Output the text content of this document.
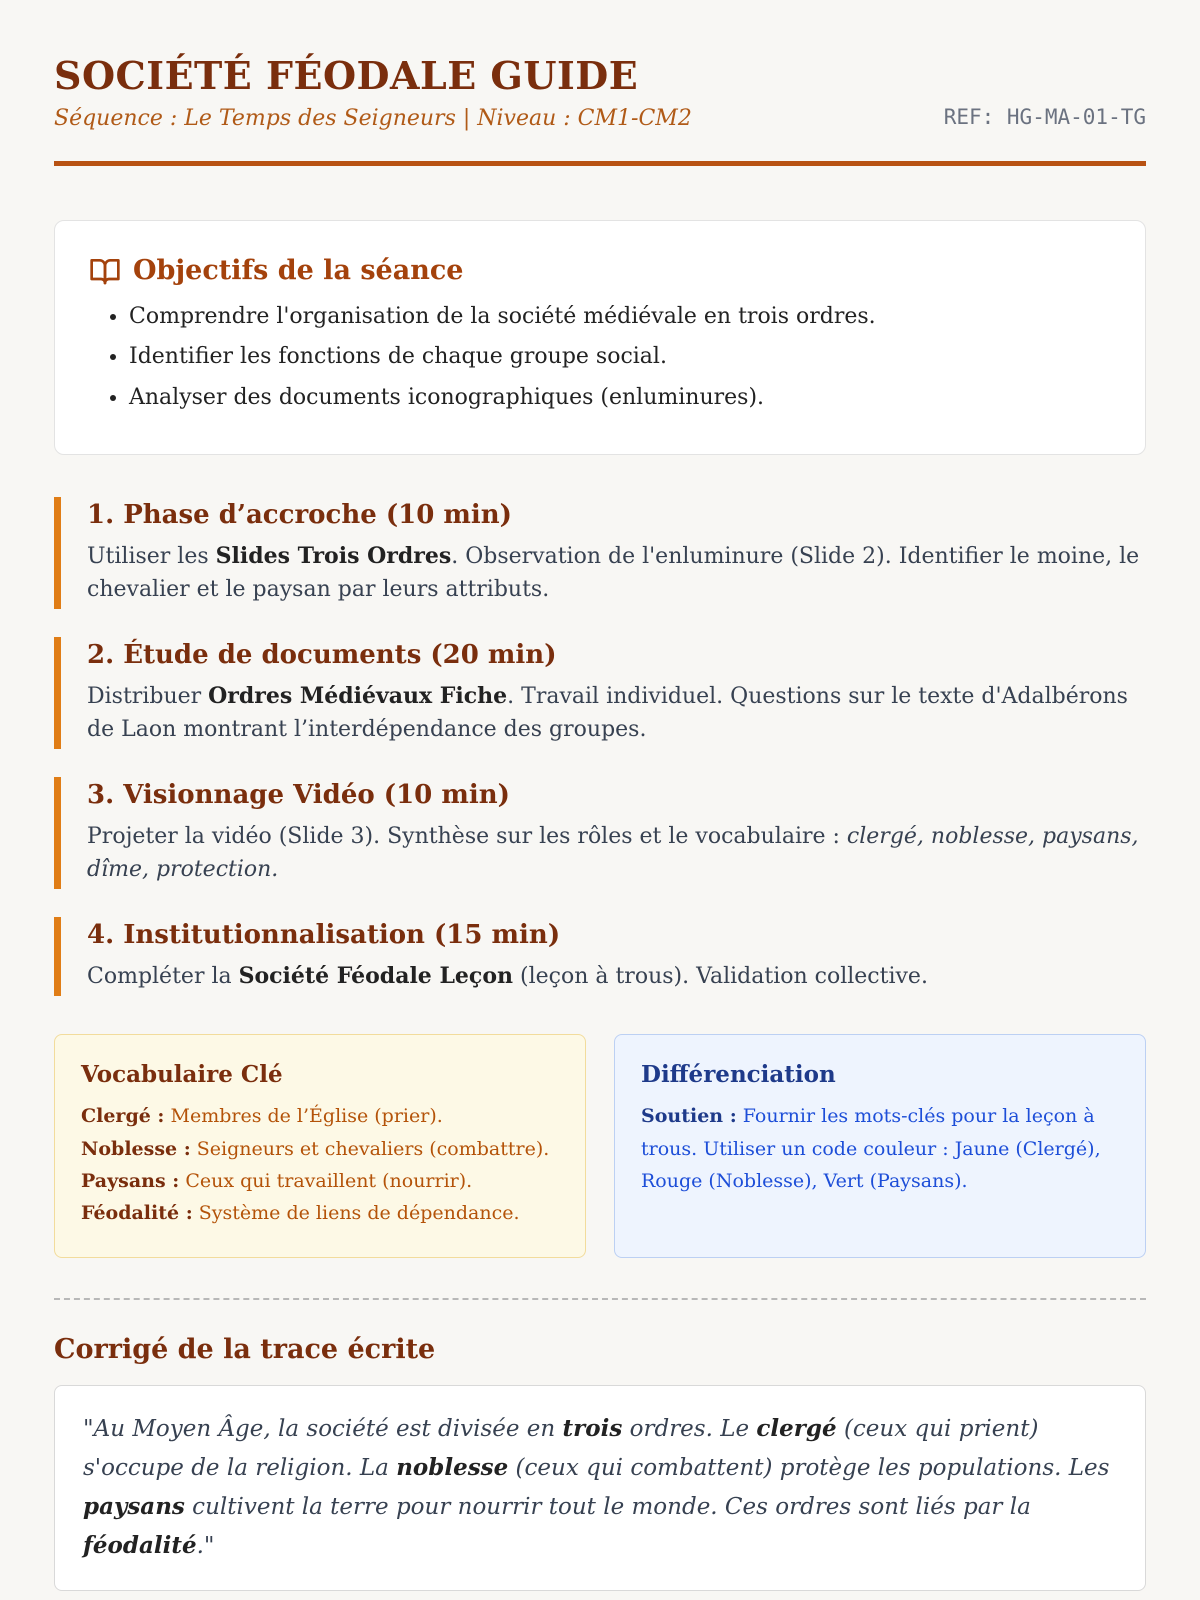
SOCIÉTÉ FÉODALE GUIDE
Séquence : Le Temps des Seigneurs | Niveau : CM1-CM2	REF: HG-MA-01-TG
Objectifs de la séance
• Comprendre l'organisation de la société médiévale en trois ordres.
• Identifier les fonctions de chaque groupe social.
• Analyser des documents iconographiques (enluminures).
1. Phase d’accroche (10 min)
Utiliser les Slides Trois Ordres. Observation de l'enluminure (Slide 2). Identifier le moine, le chevalier et le paysan par leurs attributs.
2. Étude de documents (20 min)
Distribuer Ordres Médiévaux Fiche. Travail individuel. Questions sur le texte d'Adalbérons de Laon montrant l’interdépendance des groupes.
3. Visionnage Vidéo (10 min)
Projeter la vidéo (Slide 3). Synthèse sur les rôles et le vocabulaire : clergé, noblesse, paysans, dîme, protection.
4. Institutionnalisation (15 min)
Compléter la Société Féodale Leçon (leçon à trous). Validation collective.
Vocabulaire Clé
Clergé : Membres de l’Église (prier).
Noblesse : Seigneurs et chevaliers (combattre).
Paysans : Ceux qui travaillent (nourrir).
Féodalité : Système de liens de dépendance.
Différenciation
Soutien : Fournir les mots-clés pour la leçon à trous. Utiliser un code couleur : Jaune (Clergé), Rouge (Noblesse), Vert (Paysans).
Corrigé de la trace écrite
"Au Moyen Âge, la société est divisée en trois ordres. Le clergé (ceux qui prient) s'occupe de la religion. La noblesse (ceux qui combattent) protège les populations. Les paysans cultivent la terre pour nourrir tout le monde. Ces ordres sont liés par la féodalité."
